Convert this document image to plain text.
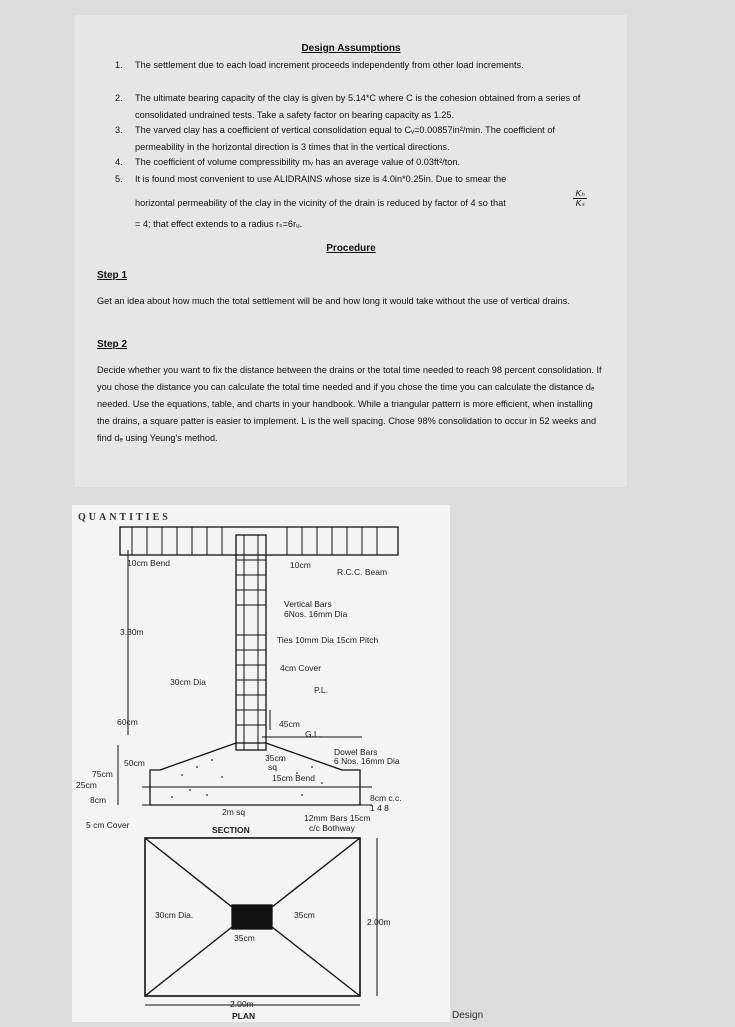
Design Assumptions
1.	The settlement due to each load increment proceeds independently from other load increments.
2.	The ultimate bearing capacity of the clay is given by 5.14*C where C is the cohesion obtained from a series of consolidated undrained tests. Take a safety factor on bearing capacity as 1.25.
3.	The varved clay has a coefficient of vertical consolidation equal to Cᵥ=0.00857in²/min. The coefficient of permeability in the horizontal direction is 3 times that in the vertical directions.
4.	The coefficient of volume compressibility mᵥ has an average value of 0.03ft²/ton.
5.	It is found most convenient to use ALIDRAINS whose size is 4.0in*0.25in. Due to smear the
horizontal permeability of the clay in the vicinity of the drain is reduced by factor of 4 so that
Kₕ
Kₛ
= 4; that effect extends to a radius rₛ=6rᵤ.
Procedure
Step 1
Get an idea about how much the total settlement will be and how long it would take without the use of vertical drains.
Step 2
Decide whether you want to fix the distance between the drains or the total time needed to reach 98 percent consolidation. If you chose the distance you can calculate the total time needed and if you chose the time you can calculate the distance dₑ needed. Use the equations, table, and charts in your handbook. While a triangular pattern is more efficient, when installing the drains, a square patter is easier to implement. L is the well spacing. Chose 98% consolidation to occur in 52 weeks and find dₑ using Yeung's method.
10cm Bend	10cm
R.C.C. Beam
Vertical Bars
6Nos. 16mm Dia
3.30m
Ties 10mm Dia 15cm Pitch
4cm Cover
P.L.
30cm Dia
60cm	45cm
G.L.
Dowel Bars
6 Nos. 16mm Dia
50cm	35cm
sq
15cm Bend
75cm
25cm
8cm
2m sq
8cm c.c.
1 4 8
12mm Bars 15cm
c/c Bothway
5 cm Cover	SECTION
30cm Dia.	35cm
35cm
2.00m
2.00m
PLAN
QUANTITIES
Design
